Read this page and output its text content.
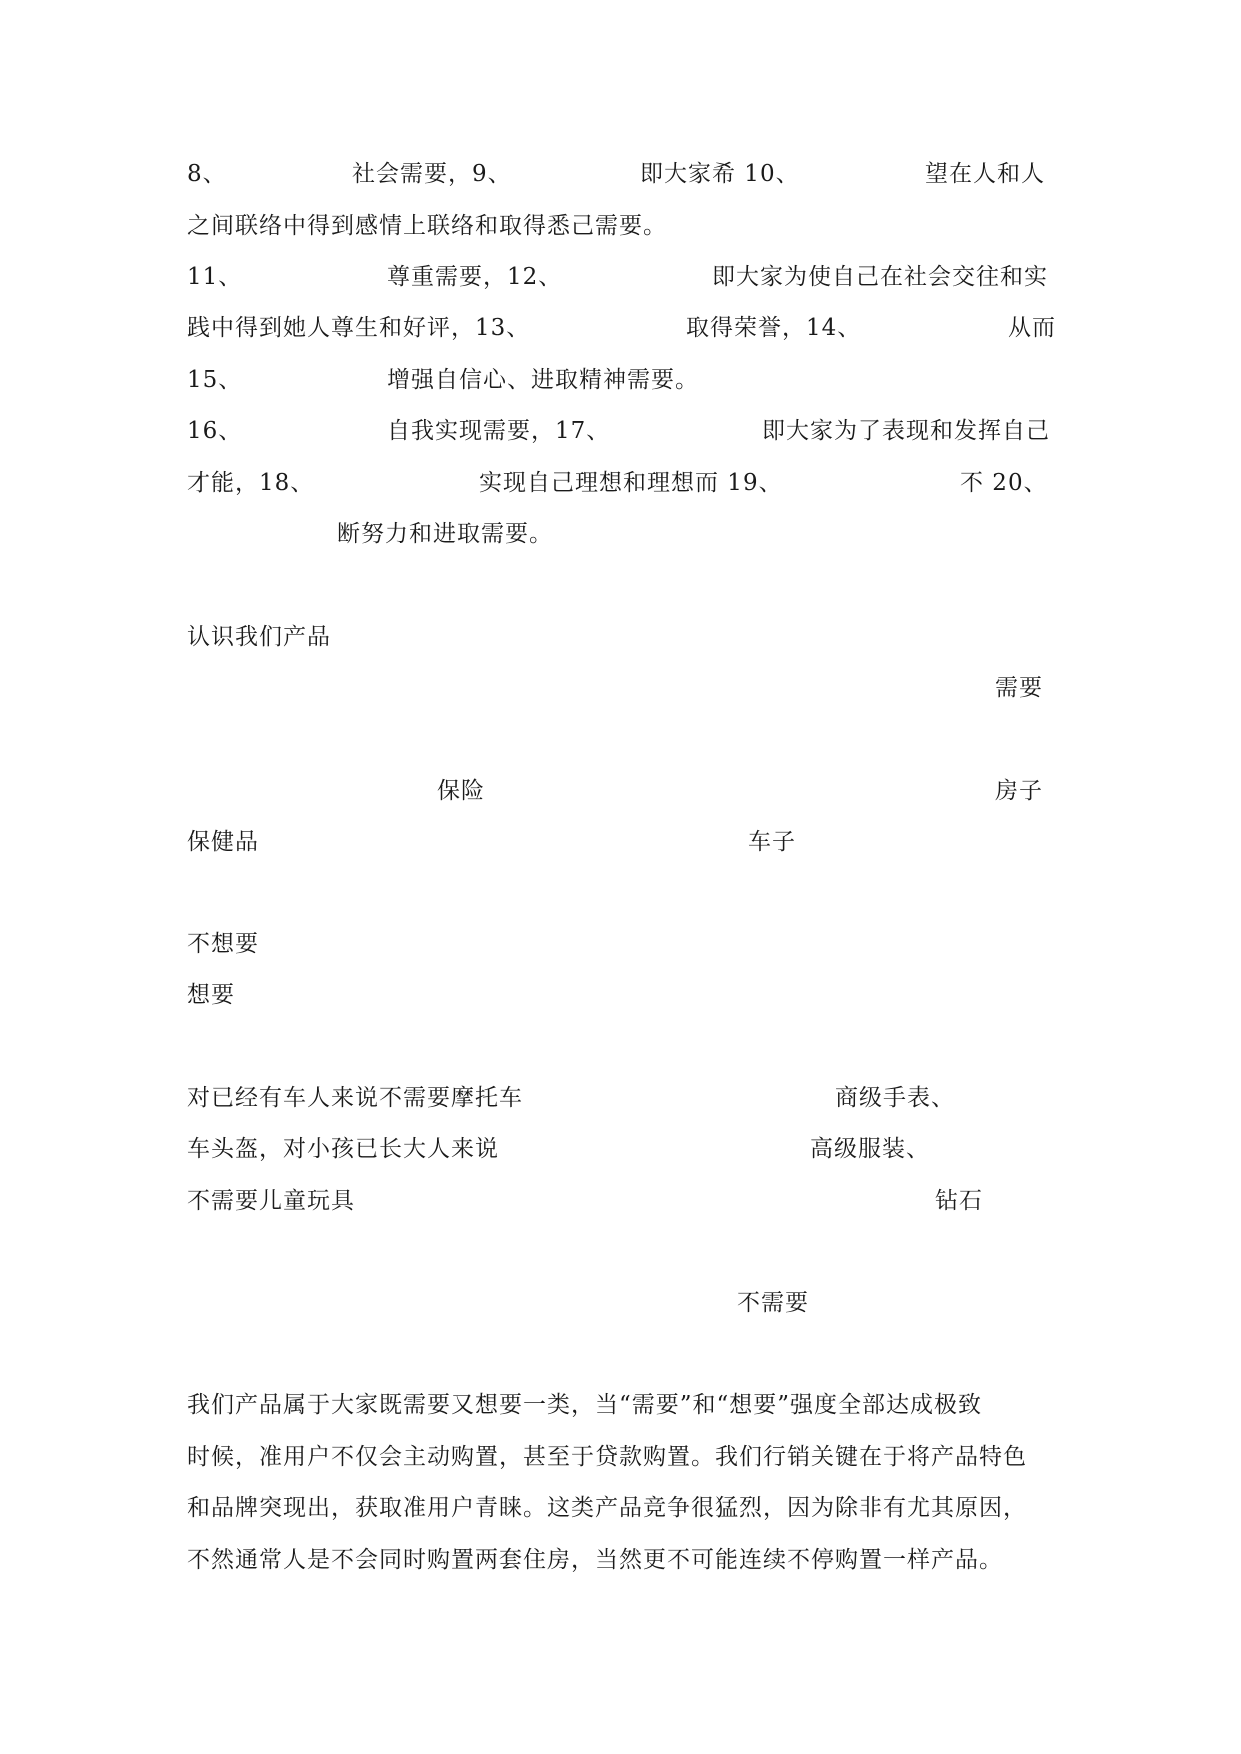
8、	社会需要，9、	即大家希 10、	望在人和人
之间联络中得到感情上联络和取得悉己需要。
11、	尊重需要，12、	即大家为使自己在社会交往和实
践中得到她人尊生和好评，13、	取得荣誉，14、	从而
15、	增强自信心、进取精神需要。
16、	自我实现需要，17、	即大家为了表现和发挥自己
才能，18、	实现自己理想和理想而 19、	不 20、
断努力和进取需要。
认识我们产品
需要
保险	房子
保健品	车子
不想要
想要
对已经有车人来说不需要摩托车	商级手表、
车头盔，对小孩已长大人来说	高级服装、
不需要儿童玩具	钻石
不需要
我们产品属于大家既需要又想要一类，当“需要”和“想要”强度全部达成极致
时候，准用户不仅会主动购置，甚至于贷款购置。我们行销关键在于将产品特色
和品牌突现出，获取准用户青睐。这类产品竞争很猛烈，因为除非有尤其原因，
不然通常人是不会同时购置两套住房，当然更不可能连续不停购置一样产品。
